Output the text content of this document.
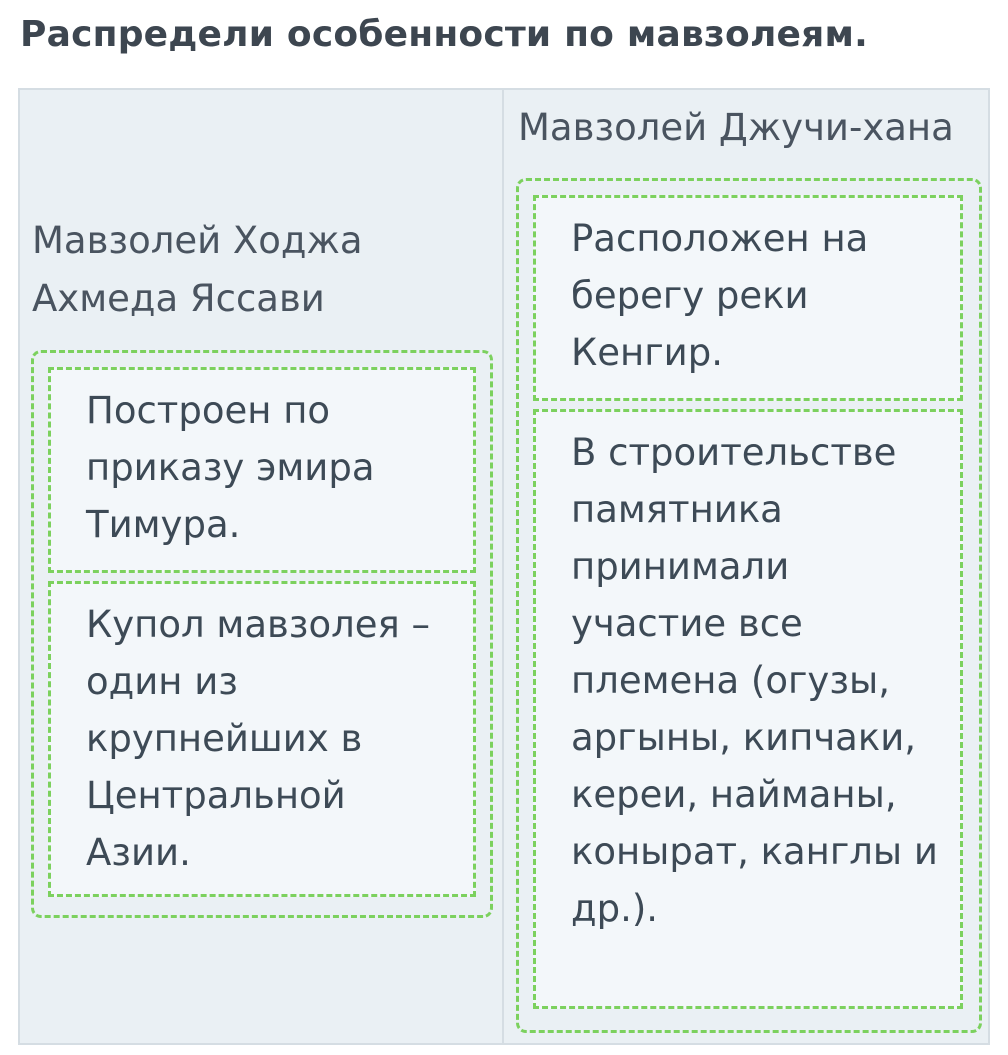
Распредели особенности по мавзолеям.
Мавзолей Ходжа Ахмеда Яссави
Построен по приказу эмира Тимура.
Купол мавзолея – один из крупнейших в Центральной Азии.
Мавзолей Джучи-хана
Расположен на берегу реки Кенгир.
В строительстве памятника принимали участие все племена (огузы, аргыны, кипчаки, кереи, найманы, конырат, канглы и др.).
